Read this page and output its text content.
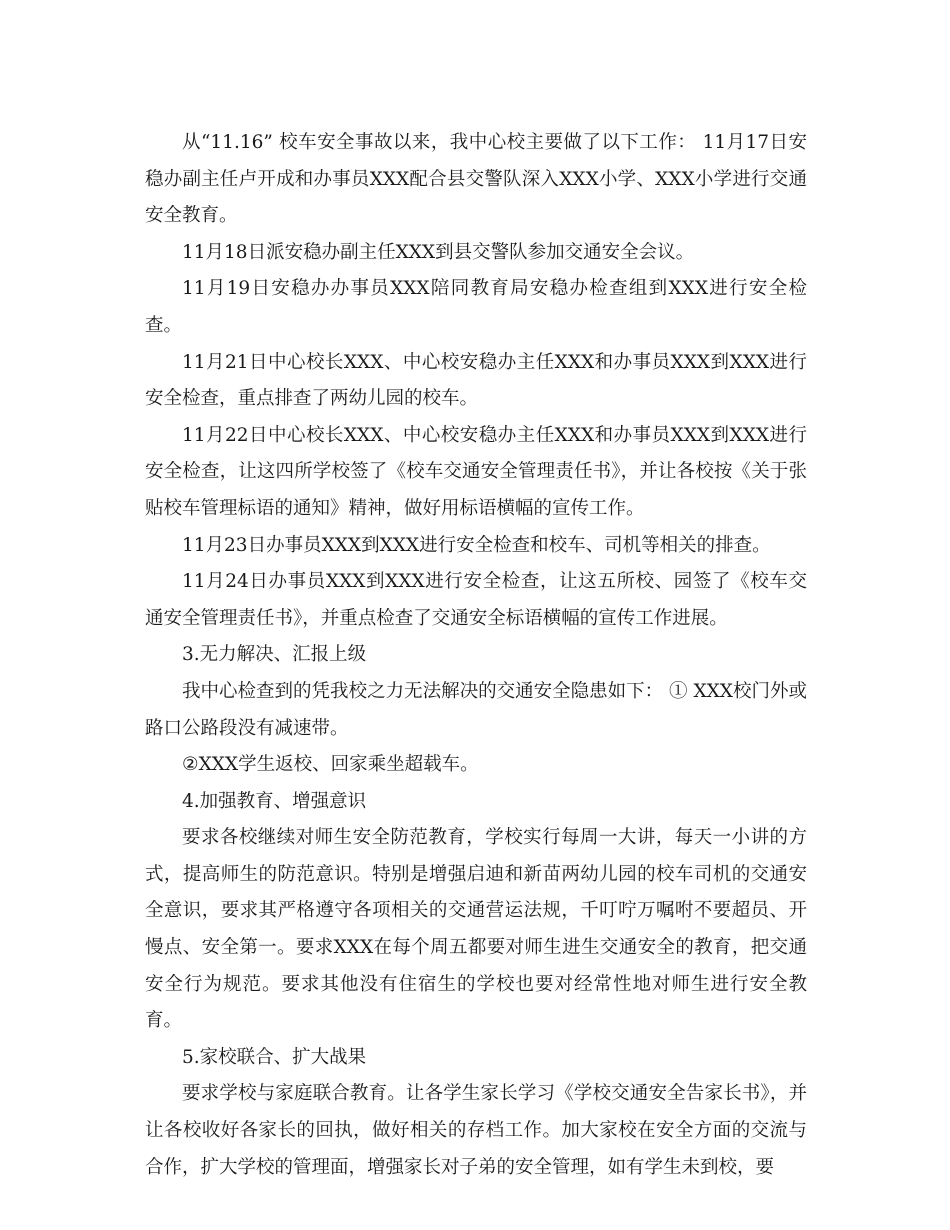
从“11.16” 校车安全事故以来，我中心校主要做了以下工作： 11月17日安稳办副主任卢开成和办事员XXX配合县交警队深入XXX小学、XXX小学进行交通安全教育。

11月18日派安稳办副主任XXX到县交警队参加交通安全会议。

11月19日安稳办办事员XXX陪同教育局安稳办检查组到XXX进行安全检查。

11月21日中心校长XXX、中心校安稳办主任XXX和办事员XXX到XXX进行安全检查，重点排查了两幼儿园的校车。

11月22日中心校长XXX、中心校安稳办主任XXX和办事员XXX到XXX进行安全检查，让这四所学校签了《校车交通安全管理责任书》，并让各校按《关于张贴校车管理标语的通知》精神，做好用标语横幅的宣传工作。

11月23日办事员XXX到XXX进行安全检查和校车、司机等相关的排查。

11月24日办事员XXX到XXX进行安全检查，让这五所校、园签了《校车交通安全管理责任书》，并重点检查了交通安全标语横幅的宣传工作进展。

3.无力解决、汇报上级

我中心检查到的凭我校之力无法解决的交通安全隐患如下： ① XXX校门外或路口公路段没有减速带。

②XXX学生返校、回家乘坐超载车。

4.加强教育、增强意识

要求各校继续对师生安全防范教育，学校实行每周一大讲，每天一小讲的方式，提高师生的防范意识。特别是增强启迪和新苗两幼儿园的校车司机的交通安全意识，要求其严格遵守各项相关的交通营运法规，千叮咛万嘱咐不要超员、开慢点、安全第一。要求XXX在每个周五都要对师生进生交通安全的教育，把交通安全行为规范。要求其他没有住宿生的学校也要对经常性地对师生进行安全教育。

5.家校联合、扩大战果

要求学校与家庭联合教育。让各学生家长学习《学校交通安全告家长书》，并让各校收好各家长的回执，做好相关的存档工作。加大家校在安全方面的交流与合作，扩大学校的管理面，增强家长对子弟的安全管理，如有学生未到校，要
